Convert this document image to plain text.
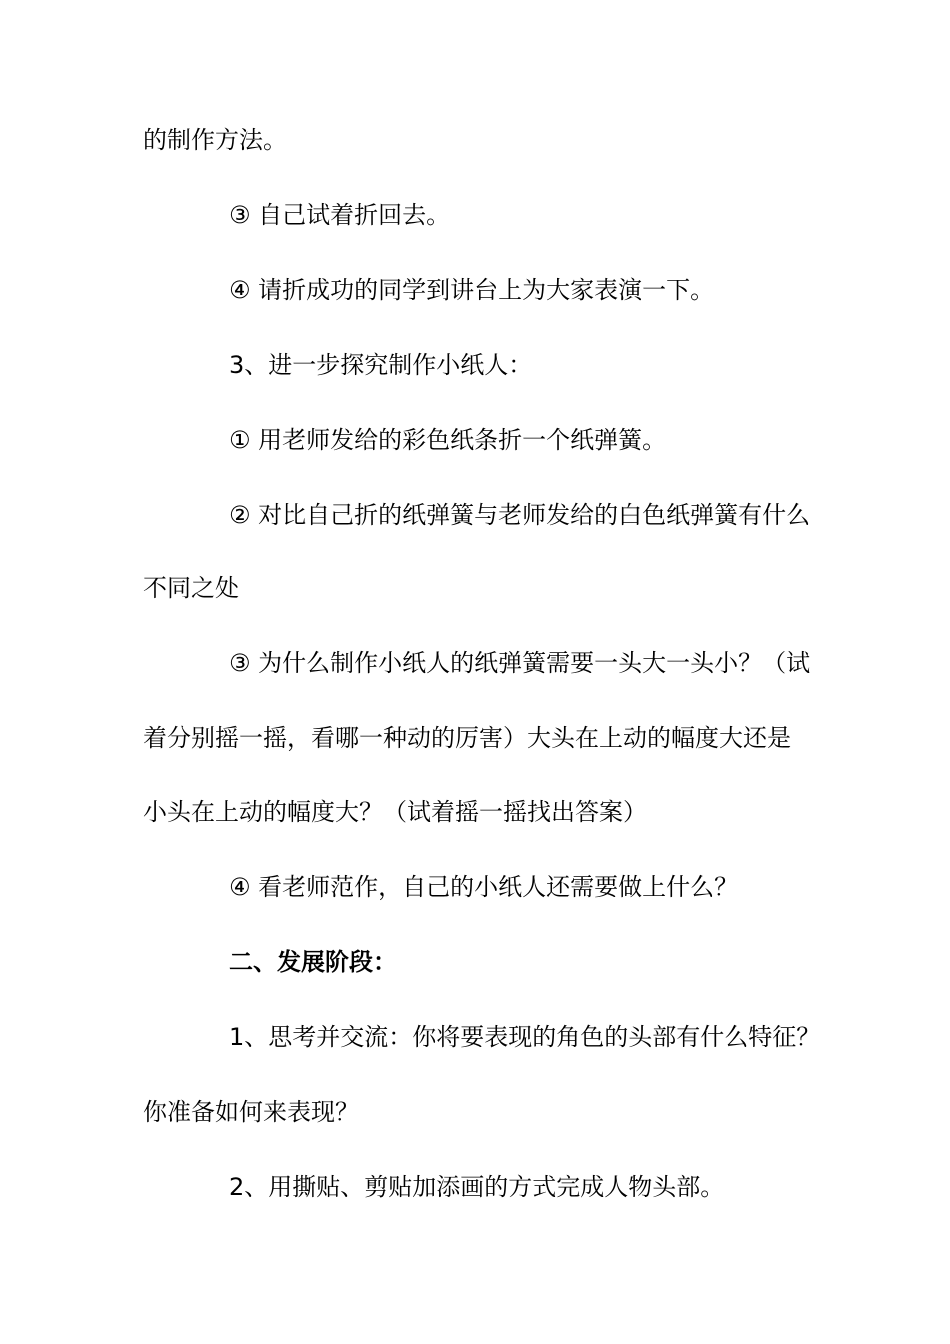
的制作方法。
③ 自己试着折回去。
④ 请折成功的同学到讲台上为大家表演一下。
3、进一步探究制作小纸人：
① 用老师发给的彩色纸条折一个纸弹簧。
② 对比自己折的纸弹簧与老师发给的白色纸弹簧有什么
不同之处
③ 为什么制作小纸人的纸弹簧需要一头大一头小？（试
着分别摇一摇，看哪一种动的厉害）大头在上动的幅度大还是
小头在上动的幅度大？（试着摇一摇找出答案）
④ 看老师范作，自己的小纸人还需要做上什么？
二、发展阶段：
1、思考并交流：你将要表现的角色的头部有什么特征？
你准备如何来表现？
2、用撕贴、剪贴加添画的方式完成人物头部。
